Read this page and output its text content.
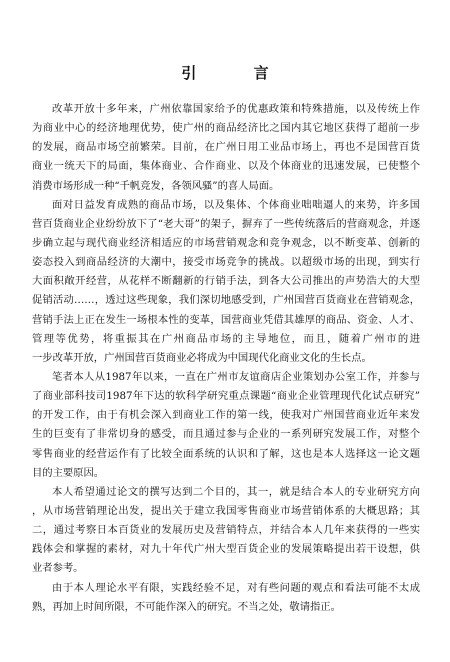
引 言
改革开放十多年来，广州依靠国家给予的优惠政策和特殊措施，以及传统上作
为商业中心的经济地理优势，使广州的商品经济比之国内其它地区获得了超前一步
的发展，商品市场空前繁荣。目前，在广州日用工业品市场上，再也不是国营百货
商业一统天下的局面，集体商业、合作商业、以及个体商业的迅速发展，已使整个
消费市场形成一种“千帆竞发，各领风骚”的喜人局面。
面对日益发育成熟的商品市场，以及集体、个体商业咄咄逼人的来势，许多国
营百货商业企业纷纷放下了“老大哥”的架子，摒弃了一些传统落后的营商观念，并逐
步确立起与现代商业经济相适应的市场营销观念和竞争观念，以不断变革、创新的
姿态投入到商品经济的大潮中，接受市场竞争的挑战。以超级市场的出现，到实行
大面积敞开经营，从花样不断翻新的行销手法，到各大公司推出的声势浩大的大型
促销活动……，透过这些现象，我们深切地感受到，广州国营百货商业在营销观念，
营销手法上正在发生一场根本性的变革，国营商业凭借其雄厚的商品、资金、人才、
管理等优势，将重振其在广州商品市场的主导地位，而且，随着广州市的进
一步改革开放，广州国营百货商业必将成为中国现代化商业文化的生长点。
笔者本人从1987年以来，一直在广州市友谊商店企业策划办公室工作，并参与
了商业部科技司1987年下达的软科学研究重点课题“商业企业管理现代化试点研究”
的开发工作，由于有机会深入到商业工作的第一线，使我对广州国营商业近年来发
生的巨变有了非常切身的感受，而且通过参与企业的一系列研究发展工作，对整个
零售商业的经营运作有了比较全面系统的认识和了解，这也是本人选择这一论文题
目的主要原因。
本人希望通过论文的撰写达到二个目的，其一，就是结合本人的专业研究方向
，从市场营销理论出发，提出关于建立我国零售商业市场营销体系的大概思路；其
二，通过考察日本百货业的发展历史及营销特点，并结合本人几年来获得的一些实
践体会和掌握的素材，对九十年代广州大型百货企业的发展策略提出若干设想，供
业者参考。
由于本人理论水平有限，实践经验不足，对有些问题的观点和看法可能不太成
熟，再加上时间所限，不可能作深入的研究。不当之处，敬请指正。
